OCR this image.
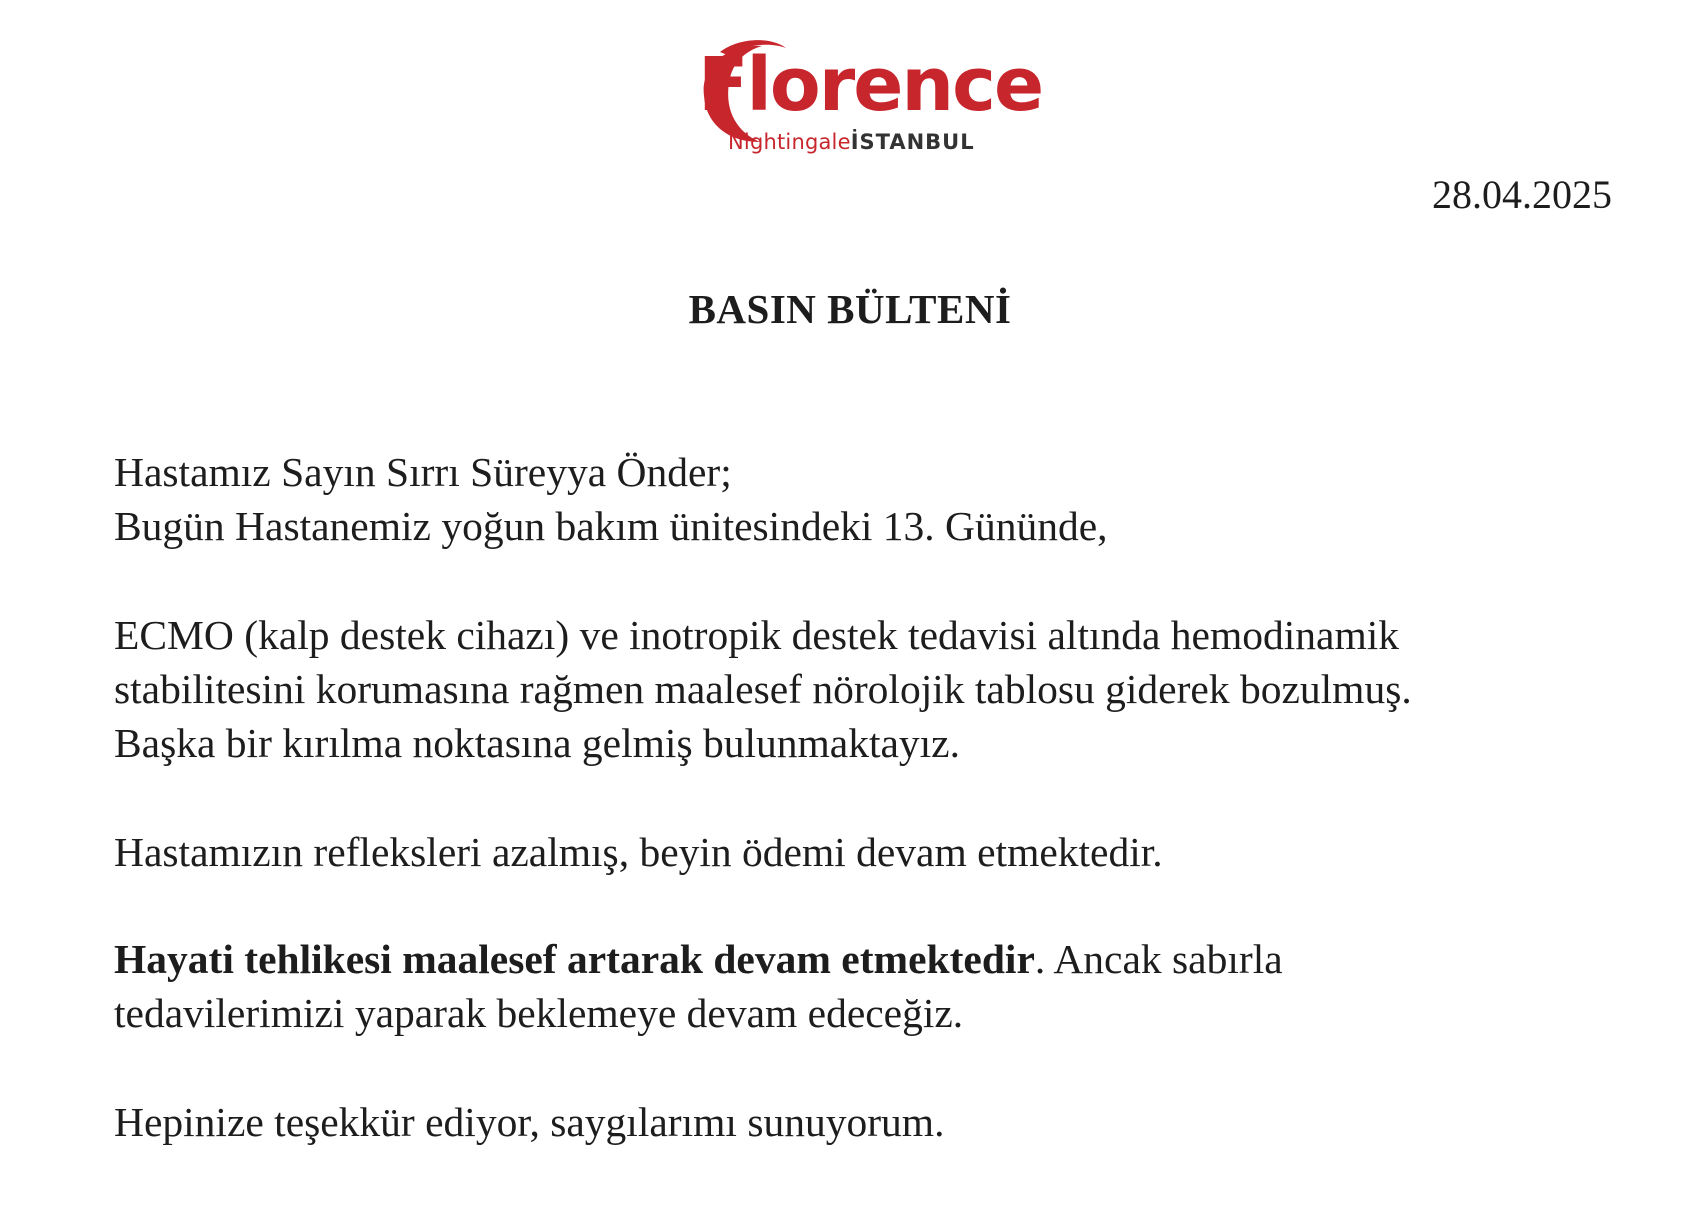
Florence
NightingaleİSTANBUL
28.04.2025
BASIN BÜLTENİ

Hastamız Sayın Sırrı Süreyya Önder;
Bugün Hastanemiz yoğun bakım ünitesindeki 13. Gününde,

ECMO (kalp destek cihazı) ve inotropik destek tedavisi altında hemodinamik
stabilitesini korumasına rağmen maalesef nörolojik tablosu giderek bozulmuş.
Başka bir kırılma noktasına gelmiş bulunmaktayız.

Hastamızın refleksleri azalmış, beyin ödemi devam etmektedir.

Hayati tehlikesi maalesef artarak devam etmektedir. Ancak sabırla
tedavilerimizi yaparak beklemeye devam edeceğiz.

Hepinize teşekkür ediyor, saygılarımı sunuyorum.
